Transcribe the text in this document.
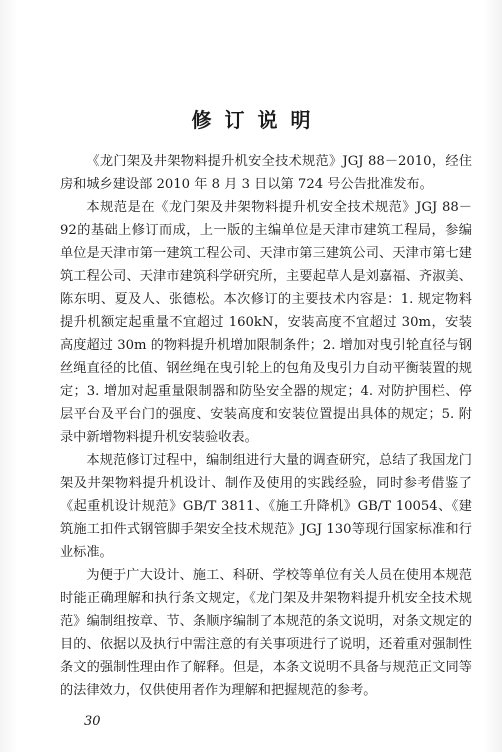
修订说明

《龙门架及井架物料提升机安全技术规范》JGJ 88－2010，经住房和城乡建设部 2010 年 8 月 3 日以第 724 号公告批准发布。

本规范是在《龙门架及井架物料提升机安全技术规范》JGJ 88－92的基础上修订而成，上一版的主编单位是天津市建筑工程局，参编单位是天津市第一建筑工程公司、天津市第三建筑公司、天津市第七建筑工程公司、天津市建筑科学研究所，主要起草人是刘嘉福、齐淑美、陈东明、夏及人、张德松。本次修订的主要技术内容是：1. 规定物料提升机额定起重量不宜超过 160kN，安装高度不宜超过 30m，安装高度超过 30m 的物料提升机增加限制条件；2. 增加对曳引轮直径与钢丝绳直径的比值、钢丝绳在曳引轮上的包角及曳引力自动平衡装置的规定；3. 增加对起重量限制器和防坠安全器的规定；4. 对防护围栏、停层平台及平台门的强度、安装高度和安装位置提出具体的规定；5. 附录中新增物料提升机安装验收表。

本规范修订过程中，编制组进行大量的调查研究，总结了我国龙门架及井架物料提升机设计、制作及使用的实践经验，同时参考借鉴了《起重机设计规范》GB/T 3811、《施工升降机》GB/T 10054、《建筑施工扣件式钢管脚手架安全技术规范》JGJ 130等现行国家标准和行业标准。

为便于广大设计、施工、科研、学校等单位有关人员在使用本规范时能正确理解和执行条文规定，《龙门架及井架物料提升机安全技术规范》编制组按章、节、条顺序编制了本规范的条文说明，对条文规定的目的、依据以及执行中需注意的有关事项进行了说明，还着重对强制性条文的强制性理由作了解释。但是，本条文说明不具备与规范正文同等的法律效力，仅供使用者作为理解和把握规范的参考。

30
